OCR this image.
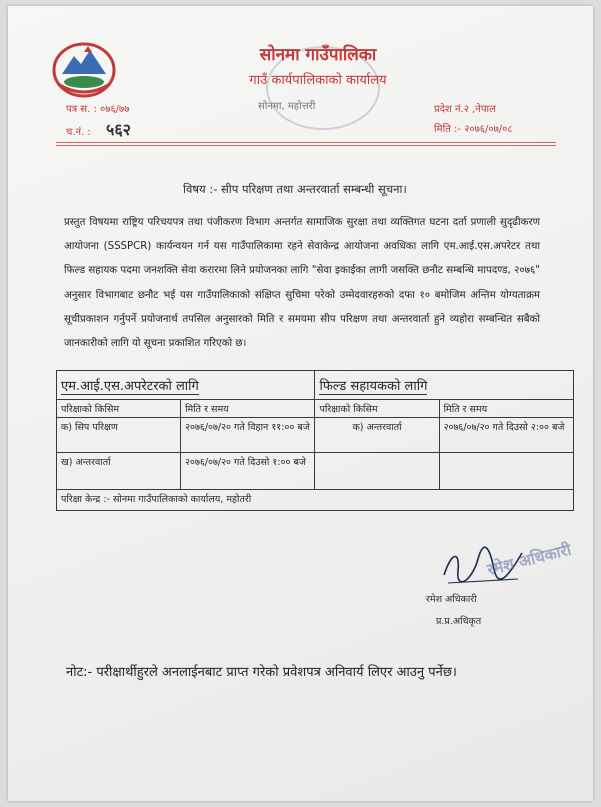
सोनमा गाउँपालिका
गाउँ कार्यपालिकाको कार्यालय
सोनमा, महोत्तरी
पत्र स. : ०७६/७७
च.नं. : ५६२
प्रदेश नं.२ ,नेपाल
मिति :- २०७६/०७/०८
विषय :- सीप परिक्षण तथा अन्तरवार्ता सम्बन्धी सूचना।
प्रस्तुत विषयमा राष्ट्रिय परिचयपत्र तथा पंजीकरण विभाग अन्तर्गत सामाजिक सुरक्षा तथा व्यक्तिगत घटना दर्ता प्रणाली सुदृढीकरण आयोजना (SSSPCR) कार्यन्वयन गर्न यस गाउँपालिकामा रहने सेवाकेन्द्र आयोजना अवधिका लागि एम.आई.एस.अपरेटर तथा फिल्ड सहायक पदमा जनशक्ति सेवा करारमा लिने प्रयोजनका लागि "सेवा इकाईका लागी जसक्ति छनौट सम्बन्धि मापदण्ड, २०७६" अनुसार विभागबाट छनौट भई यस गाउँपालिकाको संक्षिप्त सुचिमा परेको उम्मेदवारहरुको दफा १० बमोजिम अन्तिम योग्यताक्रम सूचीप्रकाशन गर्नुपर्ने प्रयोजनार्थ तपसिल अनुसारको मिति र समयमा सीप परिक्षण तथा अन्तरवार्ता हुने व्यहोरा सम्बन्धित सबैको जानकारीको लागि यो सूचना प्रकाशित गरिएको छ।
एम.आई.एस.अपरेटरको लागि		फिल्ड सहायकको लागि	
परिक्षाको किसिम	मिति र समय	परिक्षाको किसिम	मिति र समय
क) सिप परिक्षण	२०७६/०७/२० गते विहान ११:०० बजे	क) अन्तरवार्ता	२०७६/०७/२० गते दिउसो २:०० बजे
ख) अन्तरवार्ता	२०७६/०७/२० गते दिउसो १:०० बजे		
परिक्षा केन्द्र :- सोनमा गाउँपालिकाको कार्यालय, महोतरी			
रमेश अधिकारी
रमेश अधिकारी
प्र.प्र.अधिकृत
नोट:- परीक्षार्थीहुरले अनलाईनबाट प्राप्त गरेको प्रवेशपत्र अनिवार्य लिएर आउनु पर्नेछ।
